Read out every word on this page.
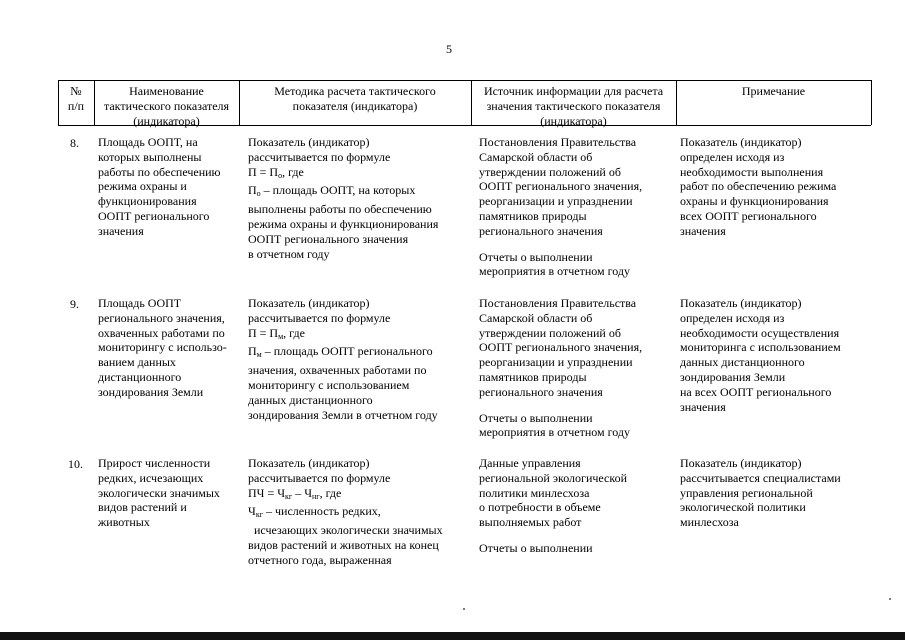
5
№
п/п
Наименование
тактического показателя
(индикатора)
Методика расчета тактического
показателя (индикатора)
Источник информации для расчета
значения тактического показателя
(индикатора)
Примечание
8. Площадь ООПТ, на
которых выполнены
работы по обеспечению
режима охраны и
функционирования
ООПТ регионального
значения
Показатель (индикатор)
рассчитывается по формуле
$П = П_о$, где
$П_о$ – площадь ООПТ, на которых
выполнены работы по обеспечению
режима охраны и функционирования
ООПТ регионального значения
в отчетном году
Постановления Правительства
Самарской области об
утверждении положений об
ООПТ регионального значения,
реорганизации и упразднении
памятников природы
регионального значения
Отчеты о выполнении
мероприятия в отчетном году
Показатель (индикатор)
определен исходя из
необходимости выполнения
работ по обеспечению режима
охраны и функционирования
всех ООПТ регионального
значения
9. Площадь ООПТ
регионального значения,
охваченных работами по
мониторингу с использо-
ванием данных
дистанционного
зондирования Земли
Показатель (индикатор)
рассчитывается по формуле
$П = П_м$, где
$П_м$ – площадь ООПТ регионального
значения, охваченных работами по
мониторингу с использованием
данных дистанционного
зондирования Земли в отчетном году
Постановления Правительства
Самарской области об
утверждении положений об
ООПТ регионального значения,
реорганизации и упразднении
памятников природы
регионального значения
Отчеты о выполнении
мероприятия в отчетном году
Показатель (индикатор)
определен исходя из
необходимости осуществления
мониторинга с использованием
данных дистанционного
зондирования Земли
на всех ООПТ регионального
значения
10. Прирост численности
редких, исчезающих
экологически значимых
видов растений и
животных
Показатель (индикатор)
рассчитывается по формуле
ПЧ = $Ч_{кг} - Ч_{нг}$, где
$Ч_{кг}$ – численность редких,
исчезающих экологически значимых
видов растений и животных на конец
отчетного года, выраженная
Данные управления
региональной экологической
политики минлесхоза
о потребности в объеме
выполняемых работ
Отчеты о выполнении
Показатель (индикатор)
рассчитывается специалистами
управления региональной
экологической политики
минлесхоза
